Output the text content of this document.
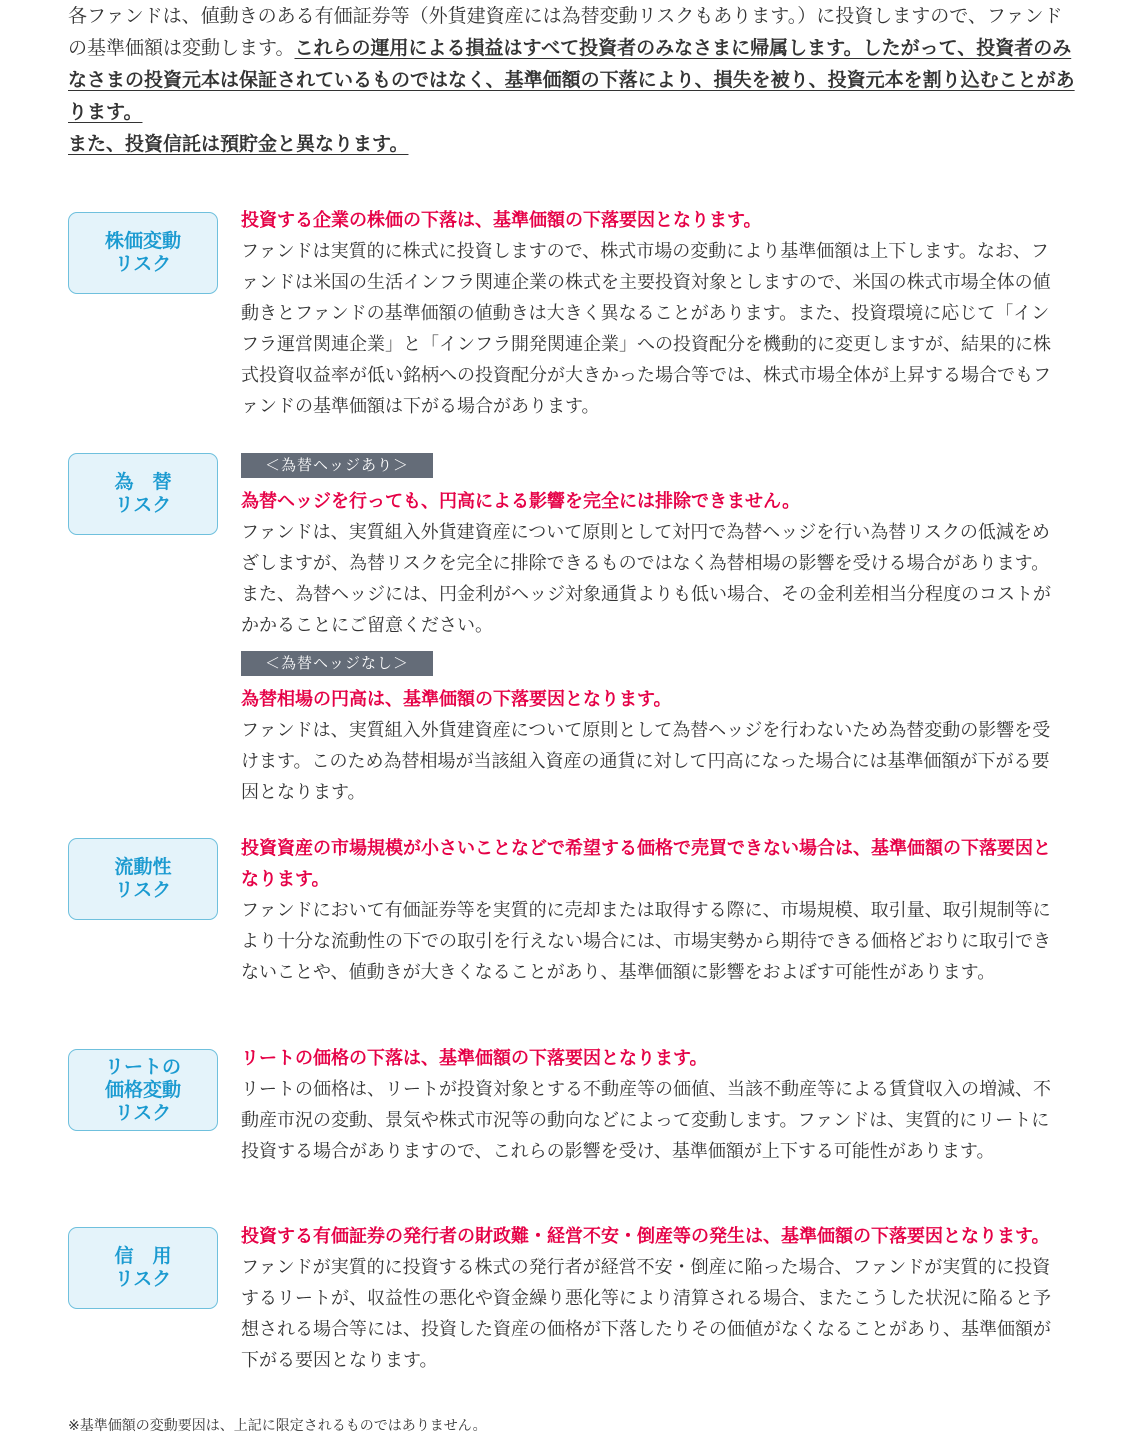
各ファンドは、値動きのある有価証券等（外貨建資産には為替変動リスクもあります。）に投資しますので、ファンドの基準価額は変動します。これらの運用による損益はすべて投資者のみなさまに帰属します。したがって、投資者のみなさまの投資元本は保証されているものではなく、基準価額の下落により、損失を被り、投資元本を割り込むことがあります。
また、投資信託は預貯金と異なります。
株価変動
リスク

投資する企業の株価の下落は、基準価額の下落要因となります。

ファンドは実質的に株式に投資しますので、株式市場の変動により基準価額は上下します。なお、ファンドは米国の生活インフラ関連企業の株式を主要投資対象としますので、米国の株式市場全体の値動きとファンドの基準価額の値動きは大きく異なることがあります。また、投資環境に応じて「インフラ運営関連企業」と「インフラ開発関連企業」への投資配分を機動的に変更しますが、結果的に株式投資収益率が低い銘柄への投資配分が大きかった場合等では、株式市場全体が上昇する場合でもファンドの基準価額は下がる場合があります。

為　替
リスク
＜為替ヘッジあり＞

為替ヘッジを行っても、円高による影響を完全には排除できません。

ファンドは、実質組入外貨建資産について原則として対円で為替ヘッジを行い為替リスクの低減をめざしますが、為替リスクを完全に排除できるものではなく為替相場の影響を受ける場合があります。また、為替ヘッジには、円金利がヘッジ対象通貨よりも低い場合、その金利差相当分程度のコストがかかることにご留意ください。

＜為替ヘッジなし＞

為替相場の円高は、基準価額の下落要因となります。

ファンドは、実質組入外貨建資産について原則として為替ヘッジを行わないため為替変動の影響を受けます。このため為替相場が当該組入資産の通貨に対して円高になった場合には基準価額が下がる要因となります。

流動性
リスク

投資資産の市場規模が小さいことなどで希望する価格で売買できない場合は、基準価額の下落要因となります。

ファンドにおいて有価証券等を実質的に売却または取得する際に、市場規模、取引量、取引規制等により十分な流動性の下での取引を行えない場合には、市場実勢から期待できる価格どおりに取引できないことや、値動きが大きくなることがあり、基準価額に影響をおよぼす可能性があります。

リートの
価格変動
リスク

リートの価格の下落は、基準価額の下落要因となります。

リートの価格は、リートが投資対象とする不動産等の価値、当該不動産等による賃貸収入の増減、不動産市況の変動、景気や株式市況等の動向などによって変動します。ファンドは、実質的にリートに投資する場合がありますので、これらの影響を受け、基準価額が上下する可能性があります。

信　用
リスク

投資する有価証券の発行者の財政難・経営不安・倒産等の発生は、基準価額の下落要因となります。

ファンドが実質的に投資する株式の発行者が経営不安・倒産に陥った場合、ファンドが実質的に投資するリートが、収益性の悪化や資金繰り悪化等により清算される場合、またこうした状況に陥ると予想される場合等には、投資した資産の価格が下落したりその価値がなくなることがあり、基準価額が下がる要因となります。

※基準価額の変動要因は、上記に限定されるものではありません。
